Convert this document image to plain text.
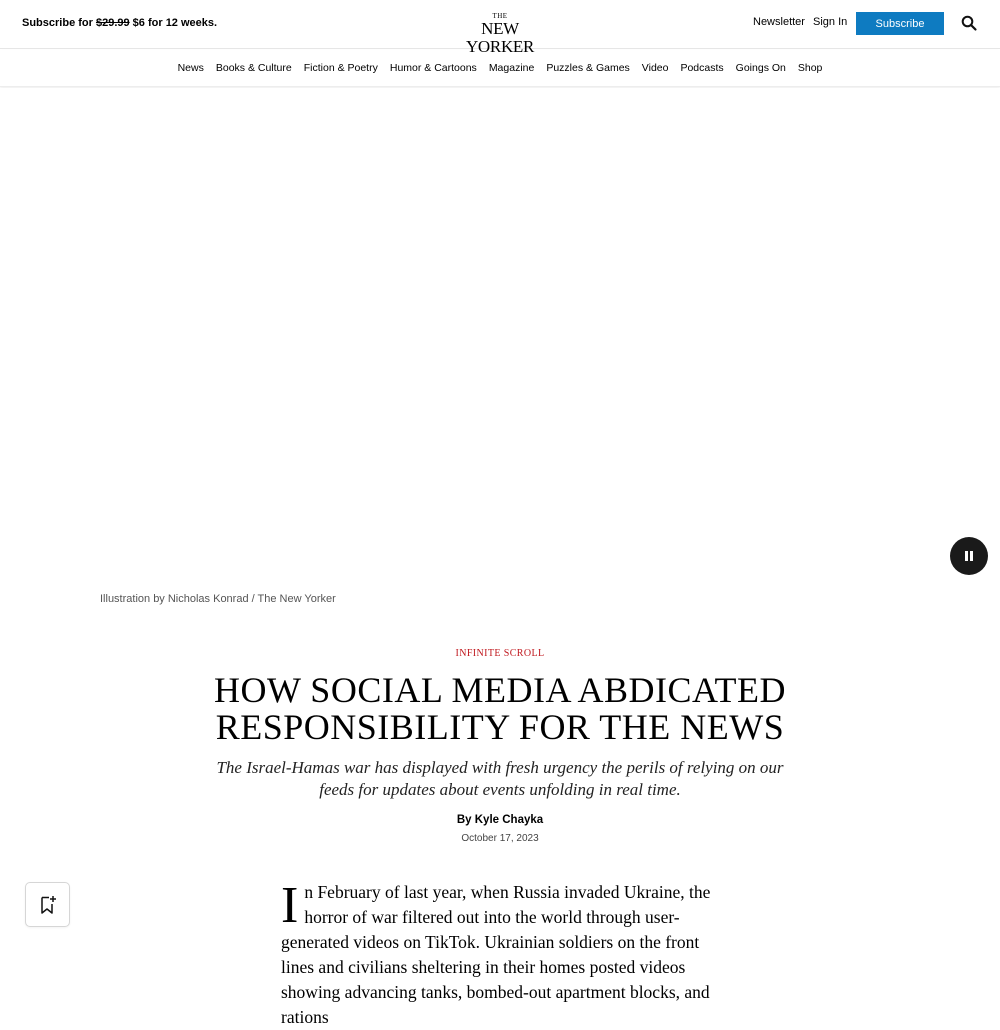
Subscribe for $29.99 $6 for 12 weeks.
THE
NEW YORKER
Newsletter Sign In	Subscribe
News Books & Culture Fiction & Poetry Humor & Cartoons Magazine Puzzles & Games Video Podcasts Goings On Shop
Illustration by Nicholas Konrad / The New Yorker
INFINITE SCROLL
HOW SOCIAL MEDIA ABDICATED RESPONSIBILITY FOR THE NEWS

The Israel-Hamas war has displayed with fresh urgency the perils of relying on our feeds for updates about events unfolding in real time.

By Kyle Chayka
October 17, 2023
In February of last year, when Russia invaded Ukraine, the horror of war filtered out into the world through user-generated videos on TikTok. Ukrainian soldiers on the front lines and civilians sheltering in their homes posted videos showing advancing tanks, bombed-out apartment blocks, and rations
